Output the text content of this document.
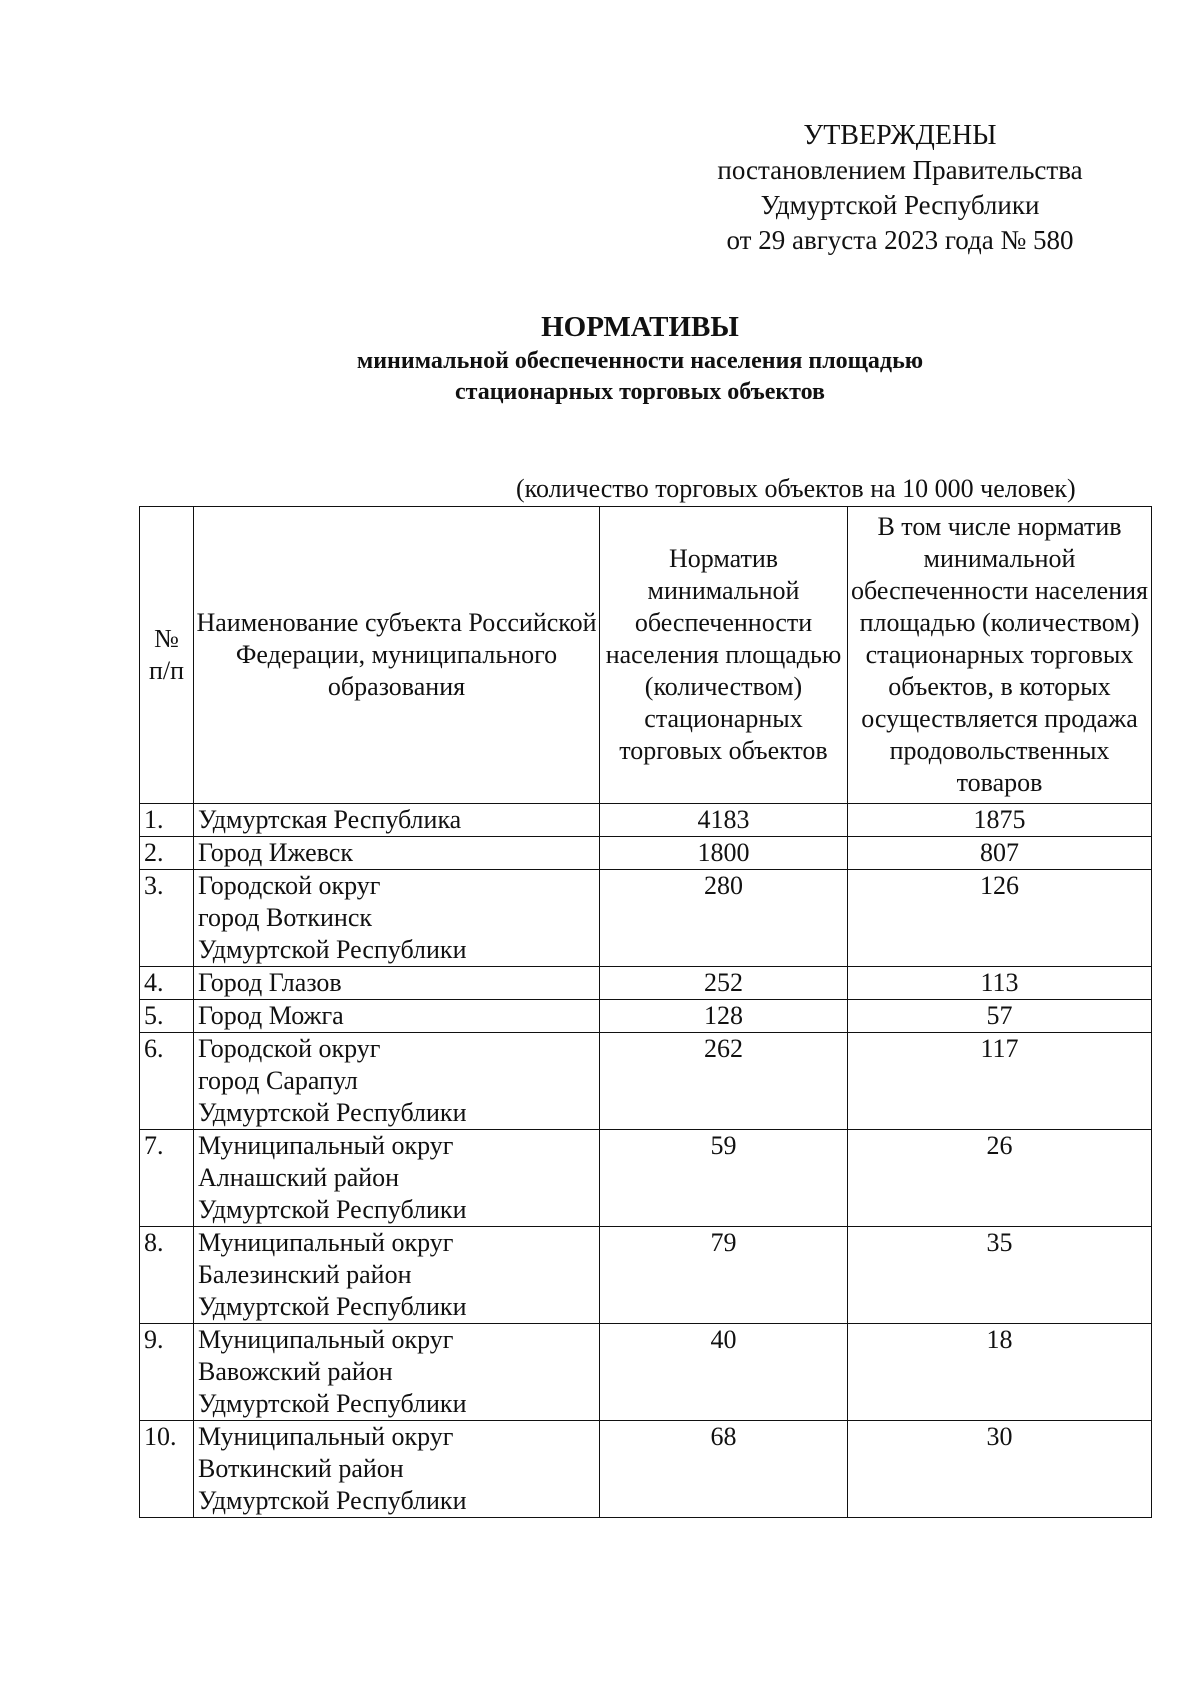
УТВЕРЖДЕНЫ
постановлением Правительства
Удмуртской Республики
от 29 августа 2023 года № 580
НОРМАТИВЫ
минимальной обеспеченности населения площадью
стационарных торговых объектов
(количество торговых объектов на 10 000 человек)
№ п/п	Наименование субъекта Российской Федерации, муниципального образования	Норматив минимальной обеспеченности населения площадью (количеством) стационарных торговых объектов	В том числе норматив минимальной обеспеченности населения площадью (количеством) стационарных торговых объектов, в которых осуществляется продажа продовольственных товаров
1.	Удмуртская Республика	4183	1875
2.	Город Ижевск	1800	807
3.	Городской округ
город Воткинск
Удмуртской Республики	280	126
4.	Город Глазов	252	113
5.	Город Можга	128	57
6.	Городской округ
город Сарапул
Удмуртской Республики	262	117
7.	Муниципальный округ
Алнашский район
Удмуртской Республики	59	26
8.	Муниципальный округ
Балезинский район
Удмуртской Республики	79	35
9.	Муниципальный округ
Вавожский район
Удмуртской Республики	40	18
10.	Муниципальный округ
Воткинский район
Удмуртской Республики	68	30
